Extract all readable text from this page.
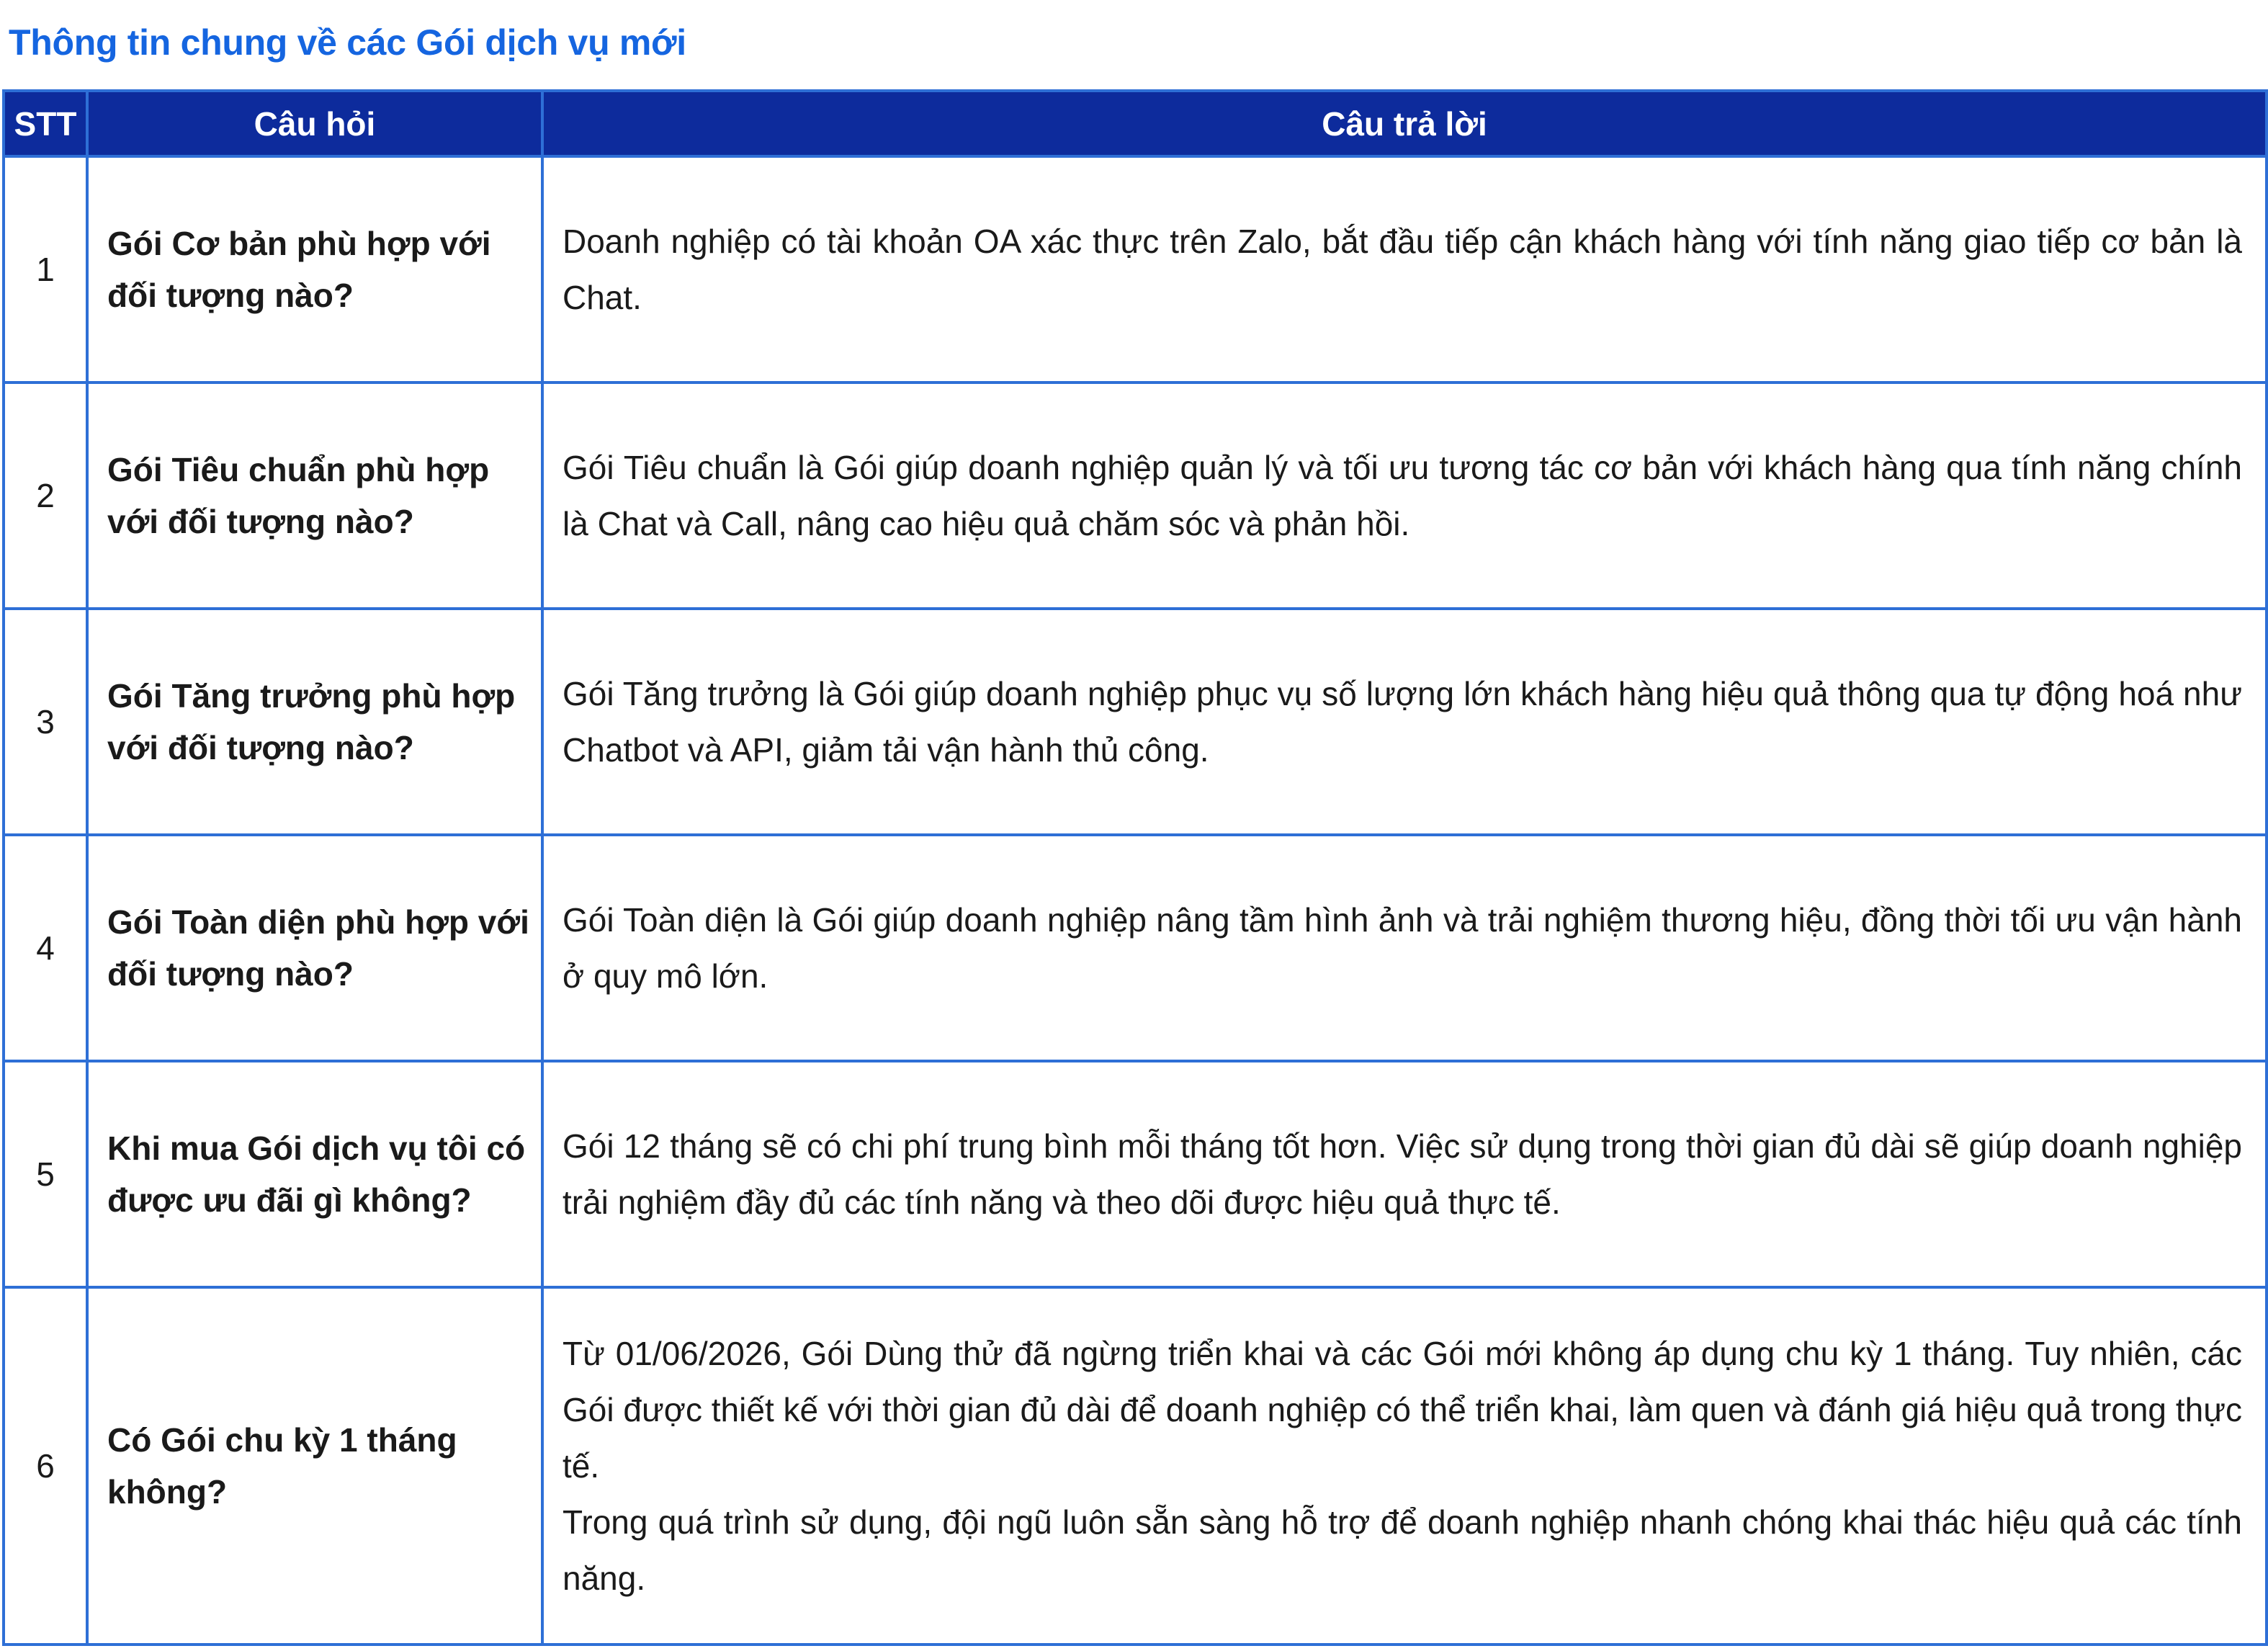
Thông tin chung về các Gói dịch vụ mới
STT	Câu hỏi	Câu trả lời
1	Gói Cơ bản phù hợp với đối tượng nào?	Doanh nghiệp có tài khoản OA xác thực trên Zalo, bắt đầu tiếp cận khách hàng với tính năng giao tiếp cơ bản là Chat.

2	Gói Tiêu chuẩn phù hợp với đối tượng nào?	Gói Tiêu chuẩn là Gói giúp doanh nghiệp quản lý và tối ưu tương tác cơ bản với khách hàng qua tính năng chính là Chat và Call, nâng cao hiệu quả chăm sóc và phản hồi.

3	Gói Tăng trưởng phù hợp với đối tượng nào?	Gói Tăng trưởng là Gói giúp doanh nghiệp phục vụ số lượng lớn khách hàng hiệu quả thông qua tự động hoá như Chatbot và API, giảm tải vận hành thủ công.

4	Gói Toàn diện phù hợp với đối tượng nào?	Gói Toàn diện là Gói giúp doanh nghiệp nâng tầm hình ảnh và trải nghiệm thương hiệu, đồng thời tối ưu vận hành ở quy mô lớn.

5	Khi mua Gói dịch vụ tôi có được ưu đãi gì không?	Gói 12 tháng sẽ có chi phí trung bình mỗi tháng tốt hơn. Việc sử dụng trong thời gian đủ dài sẽ giúp doanh nghiệp trải nghiệm đầy đủ các tính năng và theo dõi được hiệu quả thực tế.

6	Có Gói chu kỳ 1 tháng không?	Từ 01/06/2026, Gói Dùng thử đã ngừng triển khai và các Gói mới không áp dụng chu kỳ 1 tháng. Tuy nhiên, các Gói được thiết kế với thời gian đủ dài để doanh nghiệp có thể triển khai, làm quen và đánh giá hiệu quả trong thực tế.
Trong quá trình sử dụng, đội ngũ luôn sẵn sàng hỗ trợ để doanh nghiệp nhanh chóng khai thác hiệu quả các tính năng.
